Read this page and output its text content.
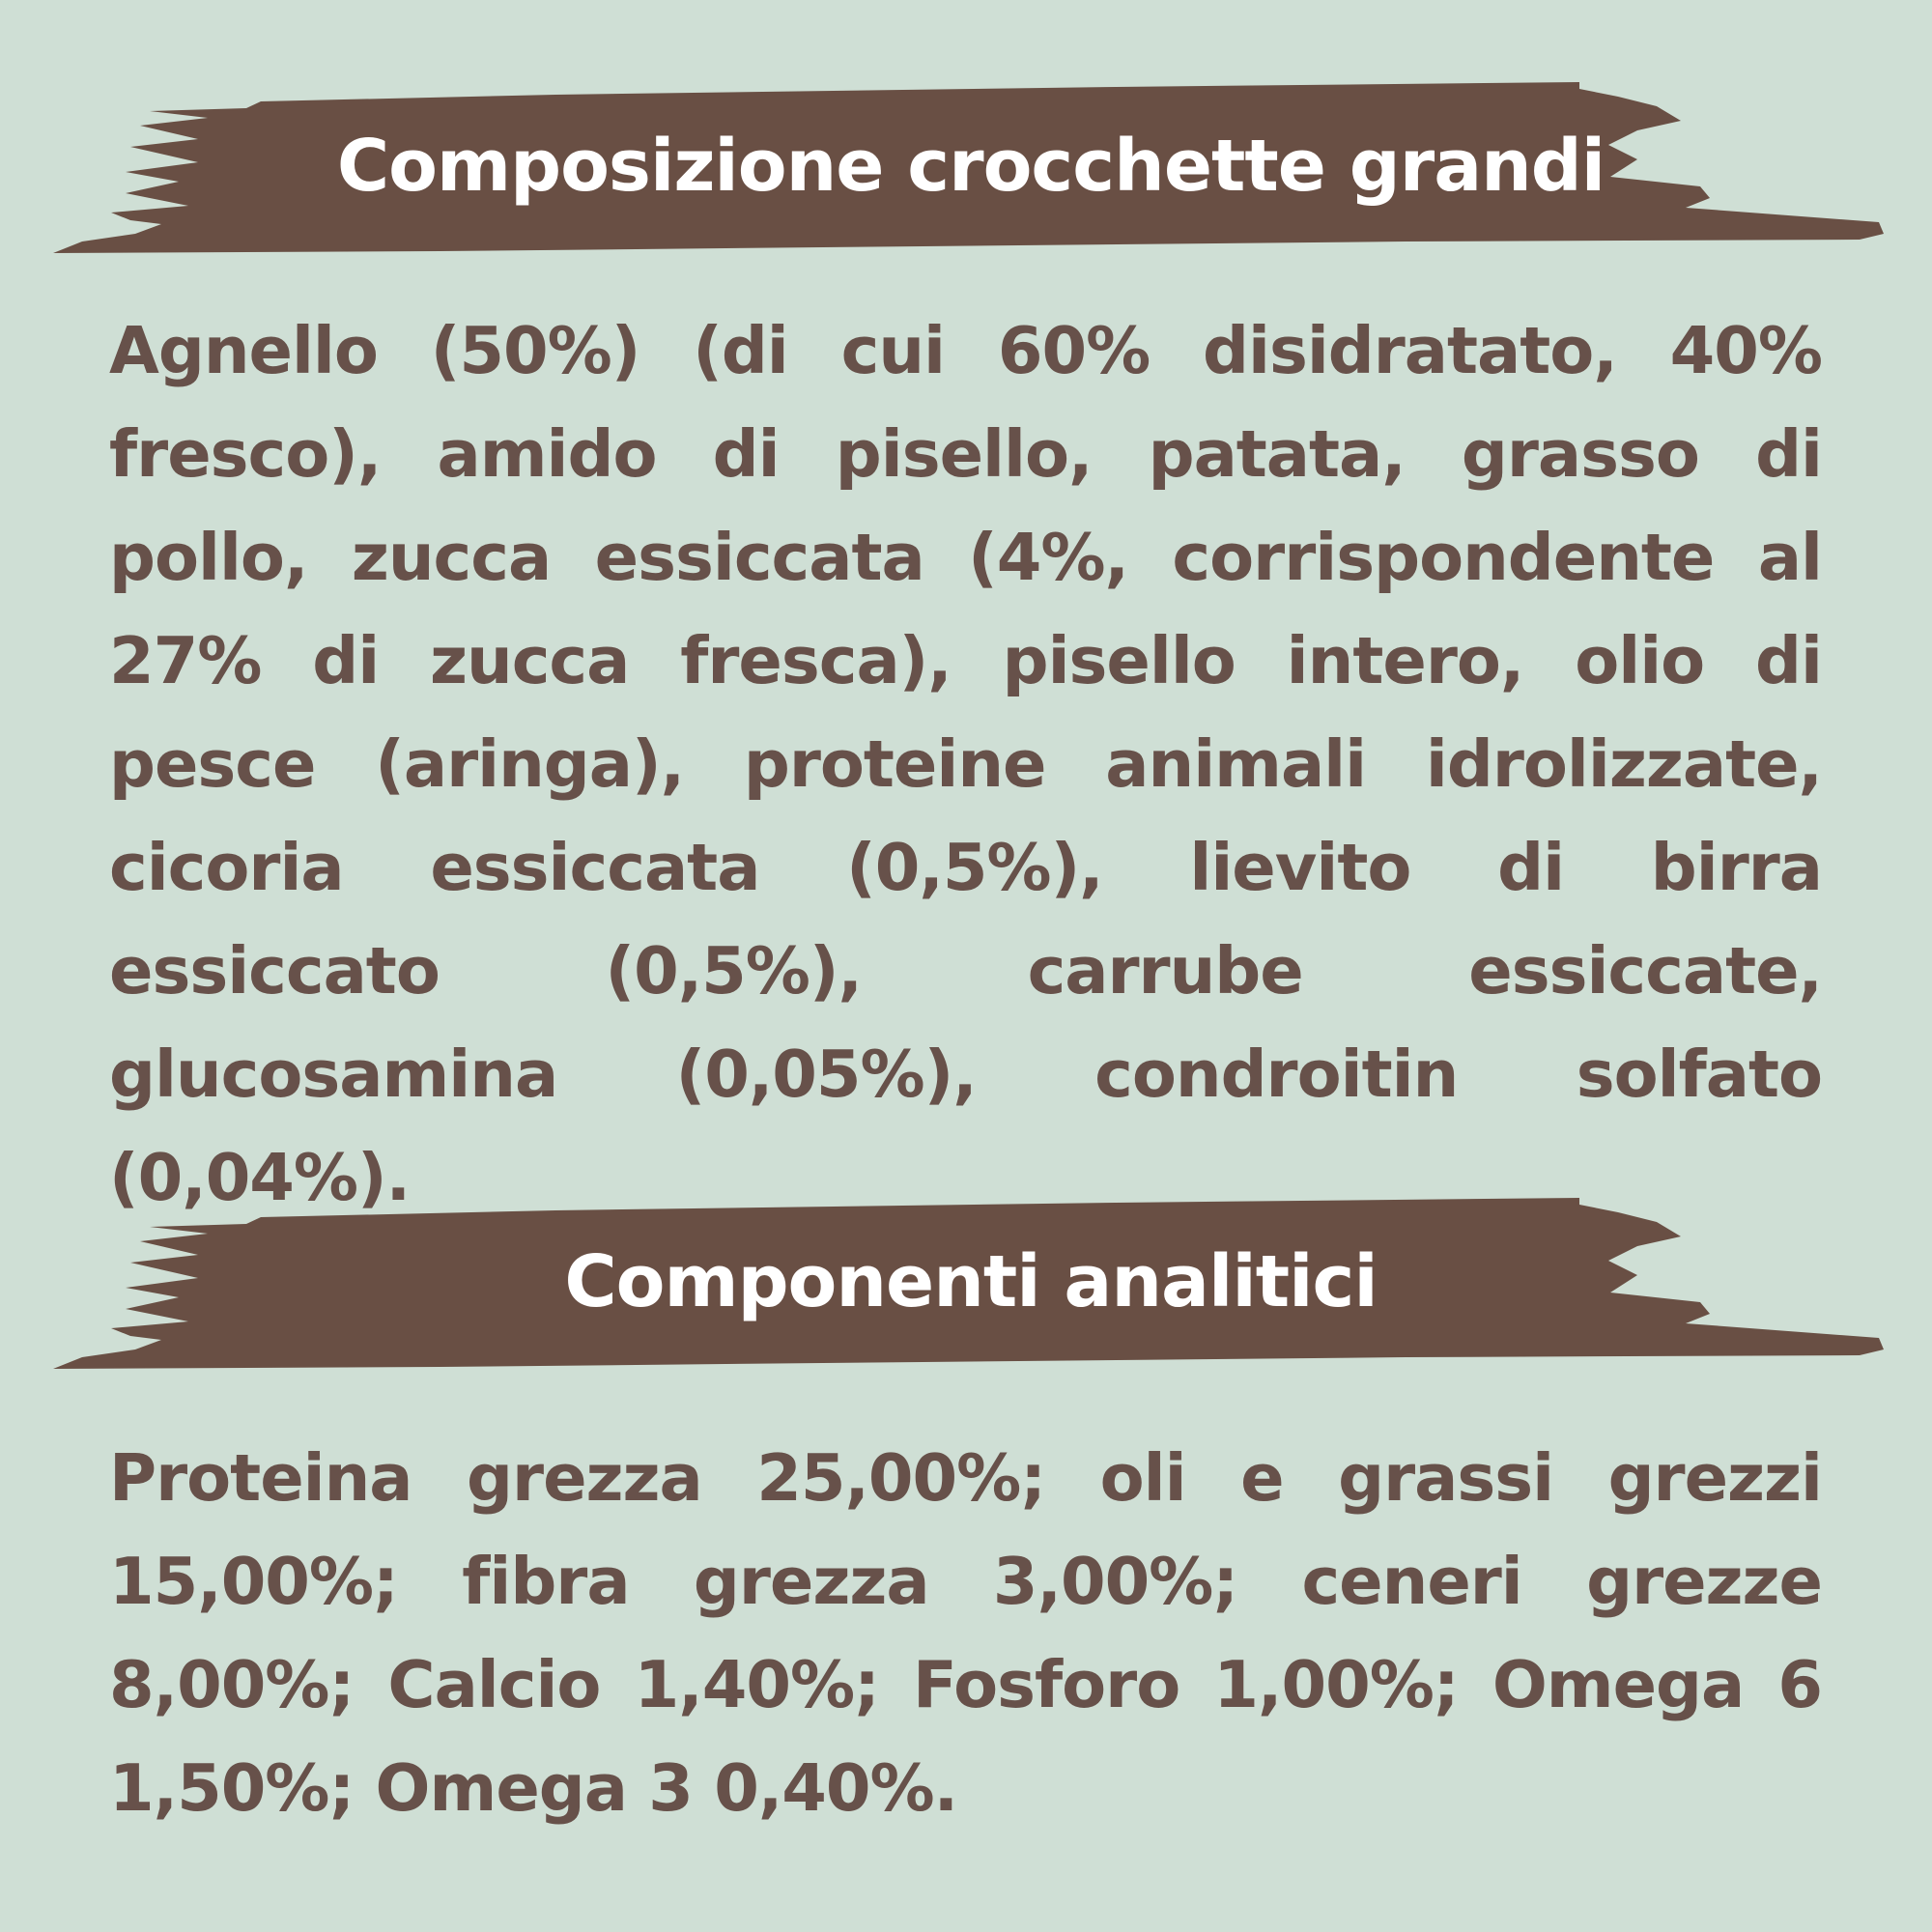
Composizione crocchette grandi

Agnello (50%) (di cui 60% disidratato, 40% fresco), amido di pisello, patata, grasso di pollo, zucca essiccata (4%, corrispondente al 27% di zucca fresca), pisello intero, olio di pesce (aringa), proteine animali idrolizzate, cicoria essiccata (0,5%), lievito di birra essiccato (0,5%), carrube essiccate, glucosamina (0,05%), condroitin solfato (0,04%).

Componenti analitici

Proteina grezza 25,00%; oli e grassi grezzi 15,00%; fibra grezza 3,00%; ceneri grezze 8,00%; Calcio 1,40%; Fosforo 1,00%; Omega 6 1,50%; Omega 3 0,40%.
